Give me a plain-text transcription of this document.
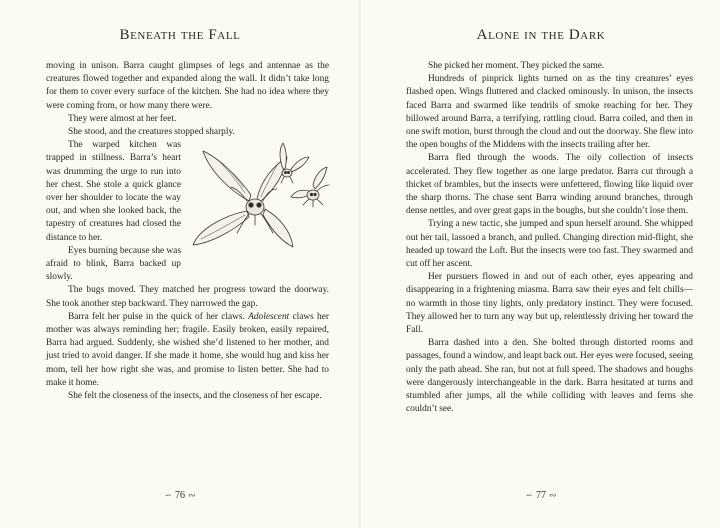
Beneath the Fall

moving in unison. Barra caught glimpses of legs and antennae as the creatures flowed together and expanded along the wall. It didn’t take long for them to cover every surface of the kitchen. She had no idea where they were coming from, or how many there were.

They were almost at her feet.

She stood, and the creatures stopped sharply.

The warped kitchen was trapped in stillness. Barra’s heart was drumming the urge to run into her chest. She stole a quick glance over her shoulder to locate the way out, and when she looked back, the tapestry of creatures had closed the distance to her.

Eyes burning because she was afraid to blink, Barra backed up slowly.

The bugs moved. They matched her progress toward the doorway. She took another step backward. They narrowed the gap.

Barra felt her pulse in the quick of her claws. Adolescent claws her mother was always reminding her; fragile. Easily broken, easily repaired, Barra had argued. Suddenly, she wished she’d listened to her mother, and just tried to avoid danger. If she made it home, she would hug and kiss her mom, tell her how right she was, and promise to listen better. She had to make it home.

She felt the closeness of the insects, and the closeness of her escape.

∽ 76 ∾
Alone in the Dark

She picked her moment. They picked the same.

Hundreds of pinprick lights turned on as the tiny creatures’ eyes flashed open. Wings fluttered and clacked ominously. In unison, the insects faced Barra and swarmed like tendrils of smoke reaching for her. They billowed around Barra, a terrifying, rattling cloud. Barra coiled, and then in one swift motion, burst through the cloud and out the doorway. She flew into the open boughs of the Middens with the insects trailing after her.

Barra fled through the woods. The oily collection of insects accelerated. They flew together as one large predator. Barra cut through a thicket of brambles, but the insects were unfettered, flowing like liquid over the sharp thorns. The chase sent Barra winding around branches, through dense nettles, and over great gaps in the boughs, but she couldn’t lose them.

Trying a new tactic, she jumped and spun herself around. She whipped out her tail, lassoed a branch, and pulled. Changing direction mid-flight, she headed up toward the Loft. But the insects were too fast. They swarmed and cut off her ascent.

Her pursuers flowed in and out of each other, eyes appearing and disappearing in a frightening miasma. Barra saw their eyes and felt chills—no warmth in those tiny lights, only predatory instinct. They were focused. They allowed her to turn any way but up, relentlessly driving her toward the Fall.

Barra dashed into a den. She bolted through distorted rooms and passages, found a window, and leapt back out. Her eyes were focused, seeing only the path ahead. She ran, but not at full speed. The shadows and boughs were dangerously interchangeable in the dark. Barra hesitated at turns and stumbled after jumps, all the while colliding with leaves and ferns she couldn’t see.

∽ 77 ∾
